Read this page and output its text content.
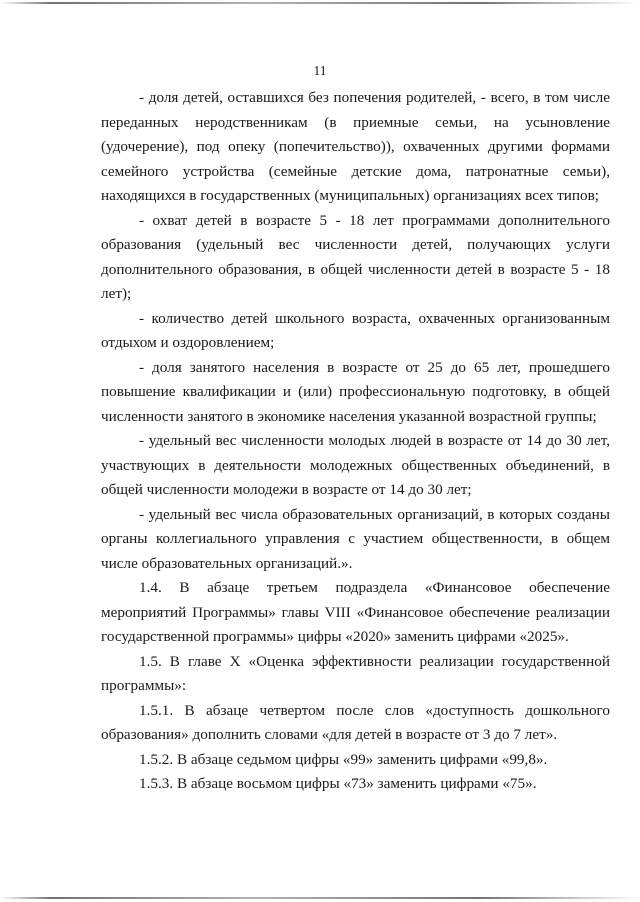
11

- доля детей, оставшихся без попечения родителей, - всего, в том числе переданных неродственникам (в приемные семьи, на усыновление (удочерение), под опеку (попечительство)), охваченных другими формами семейного устройства (семейные детские дома, патронатные семьи), находящихся в государственных (муниципальных) организациях всех типов;

- охват детей в возрасте 5 - 18 лет программами дополнительного образования (удельный вес численности детей, получающих услуги дополнительного образования, в общей численности детей в возрасте 5 - 18 лет);

- количество детей школьного возраста, охваченных организованным отдыхом и оздоровлением;

- доля занятого населения в возрасте от 25 до 65 лет, прошедшего повышение квалификации и (или) профессиональную подготовку, в общей численности занятого в экономике населения указанной возрастной группы;

- удельный вес численности молодых людей в возрасте от 14 до 30 лет, участвующих в деятельности молодежных общественных объединений, в общей численности молодежи в возрасте от 14 до 30 лет;

- удельный вес числа образовательных организаций, в которых созданы органы коллегиального управления с участием общественности, в общем числе образовательных организаций.».

1.4. В абзаце третьем подраздела «Финансовое обеспечение мероприятий Программы» главы VIII «Финансовое обеспечение реализации государственной программы» цифры «2020» заменить цифрами «2025».

1.5. В главе Х «Оценка эффективности реализации государственной программы»:

1.5.1. В абзаце четвертом после слов «доступность дошкольного образования» дополнить словами «для детей в возрасте от 3 до 7 лет».

1.5.2. В абзаце седьмом цифры «99» заменить цифрами «99,8».

1.5.3. В абзаце восьмом цифры «73» заменить цифрами «75».
